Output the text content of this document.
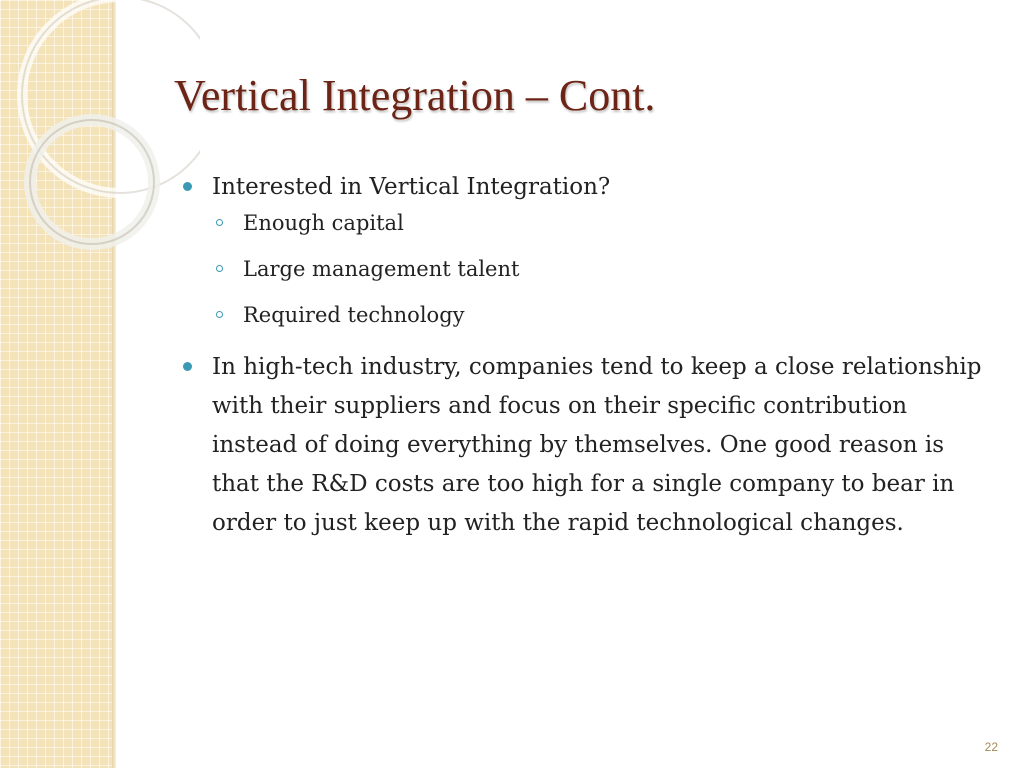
Vertical Integration – Cont.
Interested in Vertical Integration?
Enough capital
Large management talent
Required technology
In high-tech industry, companies tend to keep a close relationship with their suppliers and focus on their specific contribution instead of doing everything by themselves. One good reason is that the R&D costs are too high for a single company to bear in order to just keep up with the rapid technological changes.
22
